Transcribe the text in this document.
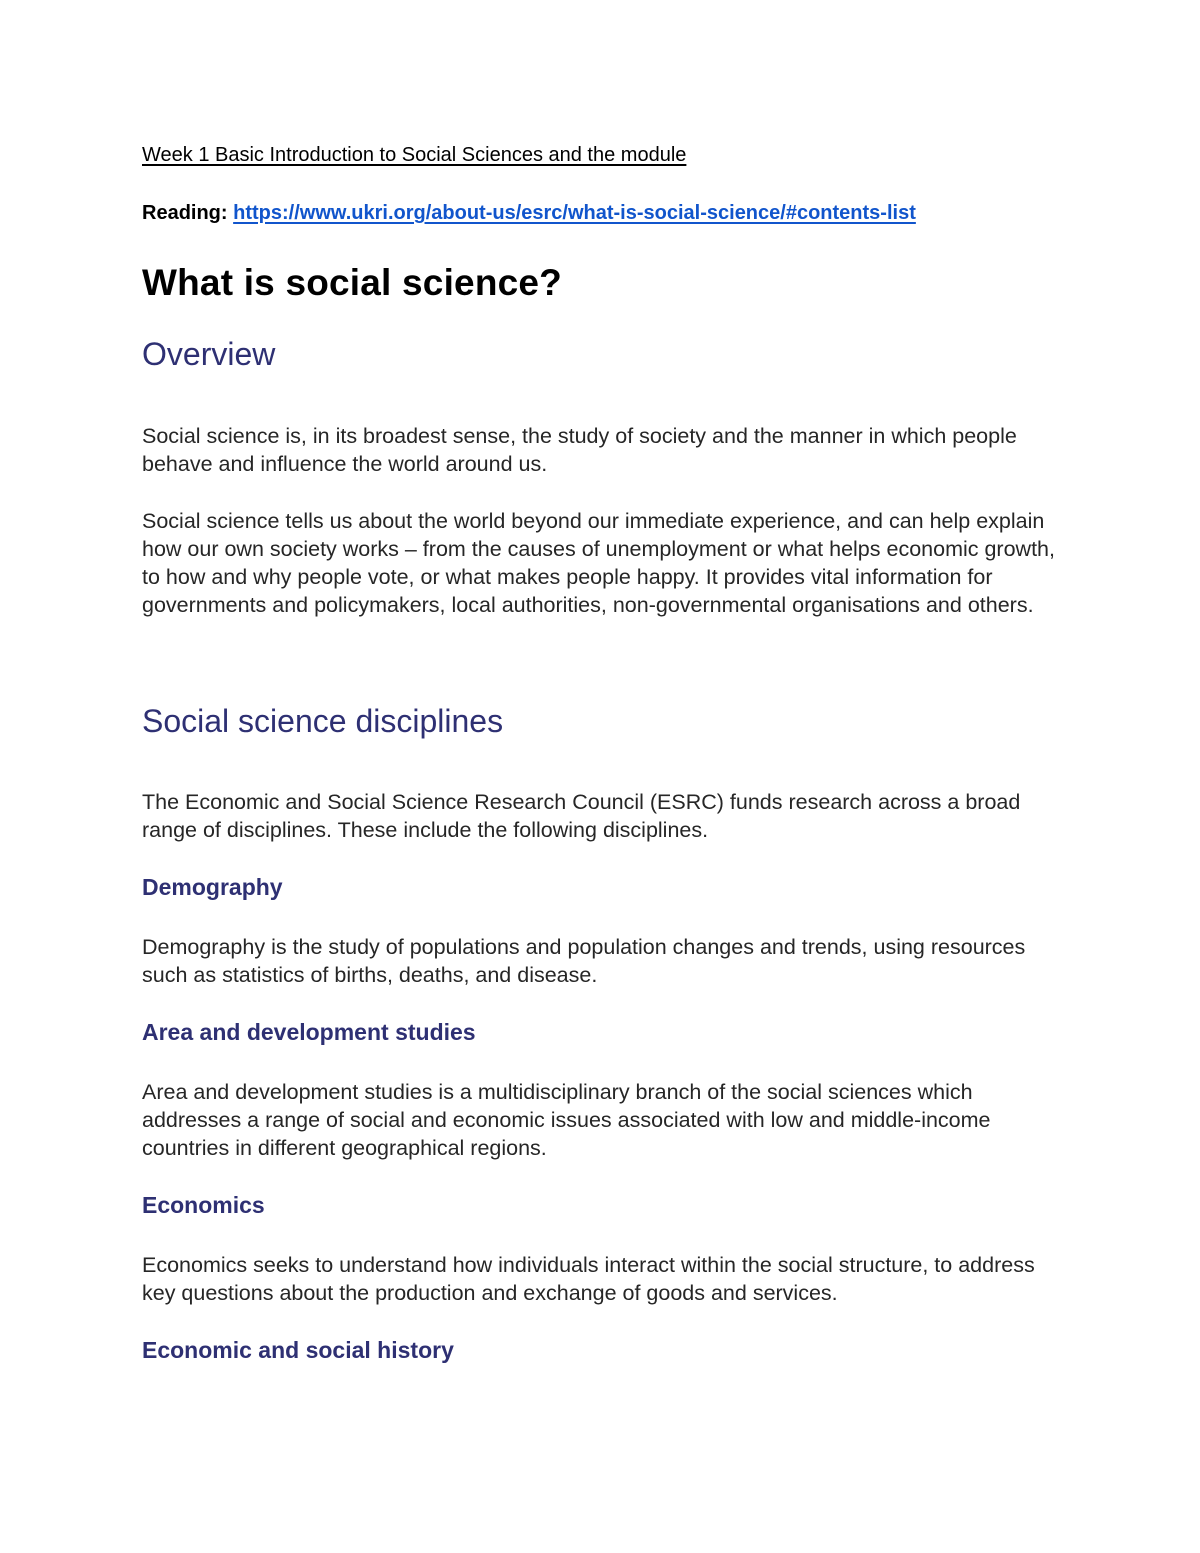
Week 1 Basic Introduction to Social Sciences and the module

Reading: https://www.ukri.org/about-us/esrc/what-is-social-science/#contents-list

What is social science?
Overview

Social science is, in its broadest sense, the study of society and the manner in which people behave and influence the world around us.

Social science tells us about the world beyond our immediate experience, and can help explain how our own society works – from the causes of unemployment or what helps economic growth, to how and why people vote, or what makes people happy. It provides vital information for governments and policymakers, local authorities, non-governmental organisations and others.

Social science disciplines

The Economic and Social Science Research Council (ESRC) funds research across a broad range of disciplines. These include the following disciplines.

Demography

Demography is the study of populations and population changes and trends, using resources such as statistics of births, deaths, and disease.

Area and development studies

Area and development studies is a multidisciplinary branch of the social sciences which addresses a range of social and economic issues associated with low and middle-income countries in different geographical regions.

Economics

Economics seeks to understand how individuals interact within the social structure, to address key questions about the production and exchange of goods and services.

Economic and social history
